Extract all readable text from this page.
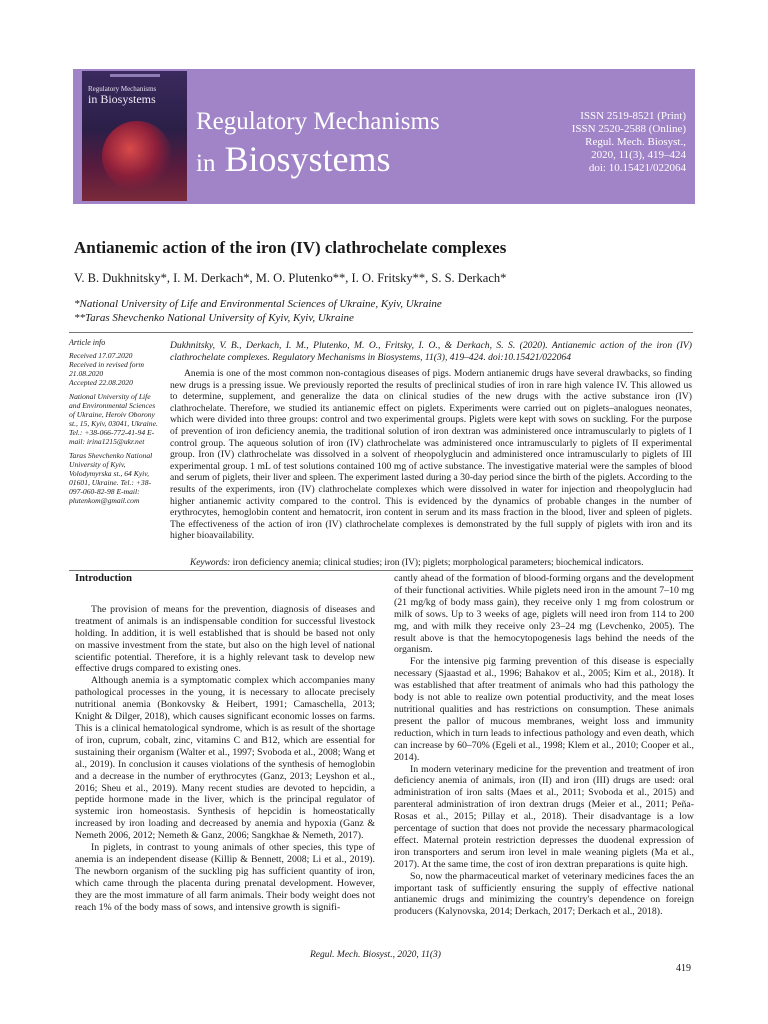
Regulatory Mechanisms
in Biosystems
Regulatory Mechanisms
in Biosystems
ISSN 2519-8521 (Print)
ISSN 2520-2588 (Online)
Regul. Mech. Biosyst.,
2020, 11(3), 419–424
doi: 10.15421/022064
Antianemic action of the iron (IV) clathrochelate complexes
V. B. Dukhnitsky*, I. M. Derkach*, M. O. Plutenko**, I. O. Fritsky**, S. S. Derkach*
*National University of Life and Environmental Sciences of Ukraine, Kyiv, Ukraine
**Taras Shevchenko National University of Kyiv, Kyiv, Ukraine
Article info
Received 17.07.2020
Received in revised form 21.08.2020
Accepted 22.08.2020
National University of Life and Environmental Sciences of Ukraine, Heroiv Oborony st., 15, Kyiv, 03041, Ukraine. Tel.: +38-066-772-41-94 E-mail: irina1215@ukr.net
Taras Shevchenko National University of Kyiv, Volodymyrska st., 64 Kyiv, 01601, Ukraine. Tel.: +38-097-060-82-98 E-mail: plutenkom@gmail.com
Dukhnitsky, V. B., Derkach, I. M., Plutenko, M. O., Fritsky, I. O., & Derkach, S. S. (2020). Antianemic action of the iron (IV) clathrochelate complexes. Regulatory Mechanisms in Biosystems, 11(3), 419–424. doi:10.15421/022064
Anemia is one of the most common non-contagious diseases of pigs. Modern antianemic drugs have several drawbacks, so finding new drugs is a pressing issue. We previously reported the results of preclinical studies of iron in rare high valence IV. This allowed us to determine, supplement, and generalize the data on clinical studies of the new drugs with the active substance iron (IV) clathrochelate. Therefore, we studied its antianemic effect on piglets. Experiments were carried out on piglets–analogues neonates, which were divided into three groups: control and two experimental groups. Piglets were kept with sows on suckling. For the purpose of prevention of iron deficiency anemia, the traditional solution of iron dextran was administered once intramuscularly to piglets of I control group. The aqueous solution of iron (IV) clathrochelate was administered once intramuscularly to piglets of II experimental group. Iron (IV) clathrochelate was dissolved in a solvent of rheopolyglucin and administered once intramuscularly to piglets of III experimental group. 1 mL of test solutions contained 100 mg of active substance. The investigative material were the samples of blood and serum of piglets, their liver and spleen. The experiment lasted during a 30-day period since the birth of the piglets. According to the results of the experiments, iron (IV) clathrochelate complexes which were dissolved in water for injection and rheopolyglucin had higher antianemic activity compared to the control. This is evidenced by the dynamics of probable changes in the number of erythrocytes, hemoglobin content and hematocrit, iron content in serum and its mass fraction in the blood, liver and spleen of piglets. The effectiveness of the action of iron (IV) clathrochelate complexes is demonstrated by the full supply of piglets with iron and its higher bioavailability.
Keywords: iron deficiency anemia; clinical studies; iron (IV); piglets; morphological parameters; biochemical indicators.
Introduction

The provision of means for the prevention, diagnosis of diseases and treatment of animals is an indispensable condition for successful livestock holding. In addition, it is well established that is should be based not only on massive investment from the state, but also on the high level of national scientific potential. Therefore, it is a highly relevant task to develop new effective drugs compared to existing ones.

Although anemia is a symptomatic complex which accompanies many pathological processes in the young, it is necessary to allocate precisely nutritional anemia (Bonkovsky & Heibert, 1991; Camaschella, 2013; Knight & Dilger, 2018), which causes significant economic losses on farms. This is a clinical hematological syndrome, which is as result of the shortage of iron, cuprum, cobalt, zinc, vitamins C and B12, which are essential for sustaining their organism (Walter et al., 1997; Svoboda et al., 2008; Wang et al., 2019). In conclusion it causes violations of the synthesis of hemoglobin and a decrease in the number of erythrocytes (Ganz, 2013; Leyshon et al., 2016; Sheu et al., 2019). Many recent studies are devoted to hepcidin, a peptide hormone made in the liver, which is the principal regulator of systemic iron homeostasis. Synthesis of hepcidin is homeostatically increased by iron loading and decreased by anemia and hypoxia (Ganz & Nemeth 2006, 2012; Nemeth & Ganz, 2006; Sangkhae & Nemeth, 2017).

In piglets, in contrast to young animals of other species, this type of anemia is an independent disease (Killip & Bennett, 2008; Li et al., 2019). The newborn organism of the suckling pig has sufficient quantity of iron, which came through the placenta during prenatal development. However, they are the most immature of all farm animals. Their body weight does not reach 1% of the body mass of sows, and intensive growth is signifi-

cantly ahead of the formation of blood-forming organs and the development of their functional activities. While piglets need iron in the amount 7–10 mg (21 mg/kg of body mass gain), they receive only 1 mg from colostrum or milk of sows. Up to 3 weeks of age, piglets will need iron from 114 to 200 mg, and with milk they receive only 23–24 mg (Levchenko, 2005). The result above is that the hemocytopogenesis lags behind the needs of the organism.

For the intensive pig farming prevention of this disease is especially necessary (Sjaastad et al., 1996; Bahakov et al., 2005; Kim et al., 2018). It was established that after treatment of animals who had this pathology the body is not able to realize own potential productivity, and the meat loses nutritional qualities and has restrictions on consumption. These animals present the pallor of mucous membranes, weight loss and immunity reduction, which in turn leads to infectious pathology and even death, which can increase by 60–70% (Egeli et al., 1998; Klem et al., 2010; Cooper et al., 2014).

In modern veterinary medicine for the prevention and treatment of iron deficiency anemia of animals, iron (II) and iron (III) drugs are used: oral administration of iron salts (Maes et al., 2011; Svoboda et al., 2015) and parenteral administration of iron dextran drugs (Meier et al., 2011; Peña-Rosas et al., 2015; Pillay et al., 2018). Their disadvantage is a low percentage of suction that does not provide the necessary pharmacological effect. Maternal protein restriction depresses the duodenal expression of iron transporters and serum iron level in male weaning piglets (Ma et al., 2017). At the same time, the cost of iron dextran preparations is quite high.

So, now the pharmaceutical market of veterinary medicines faces the an important task of sufficiently ensuring the supply of effective national antianemic drugs and minimizing the country's dependence on foreign producers (Kalynovska, 2014; Derkach, 2017; Derkach et al., 2018).

Regul. Mech. Biosyst., 2020, 11(3)
419
